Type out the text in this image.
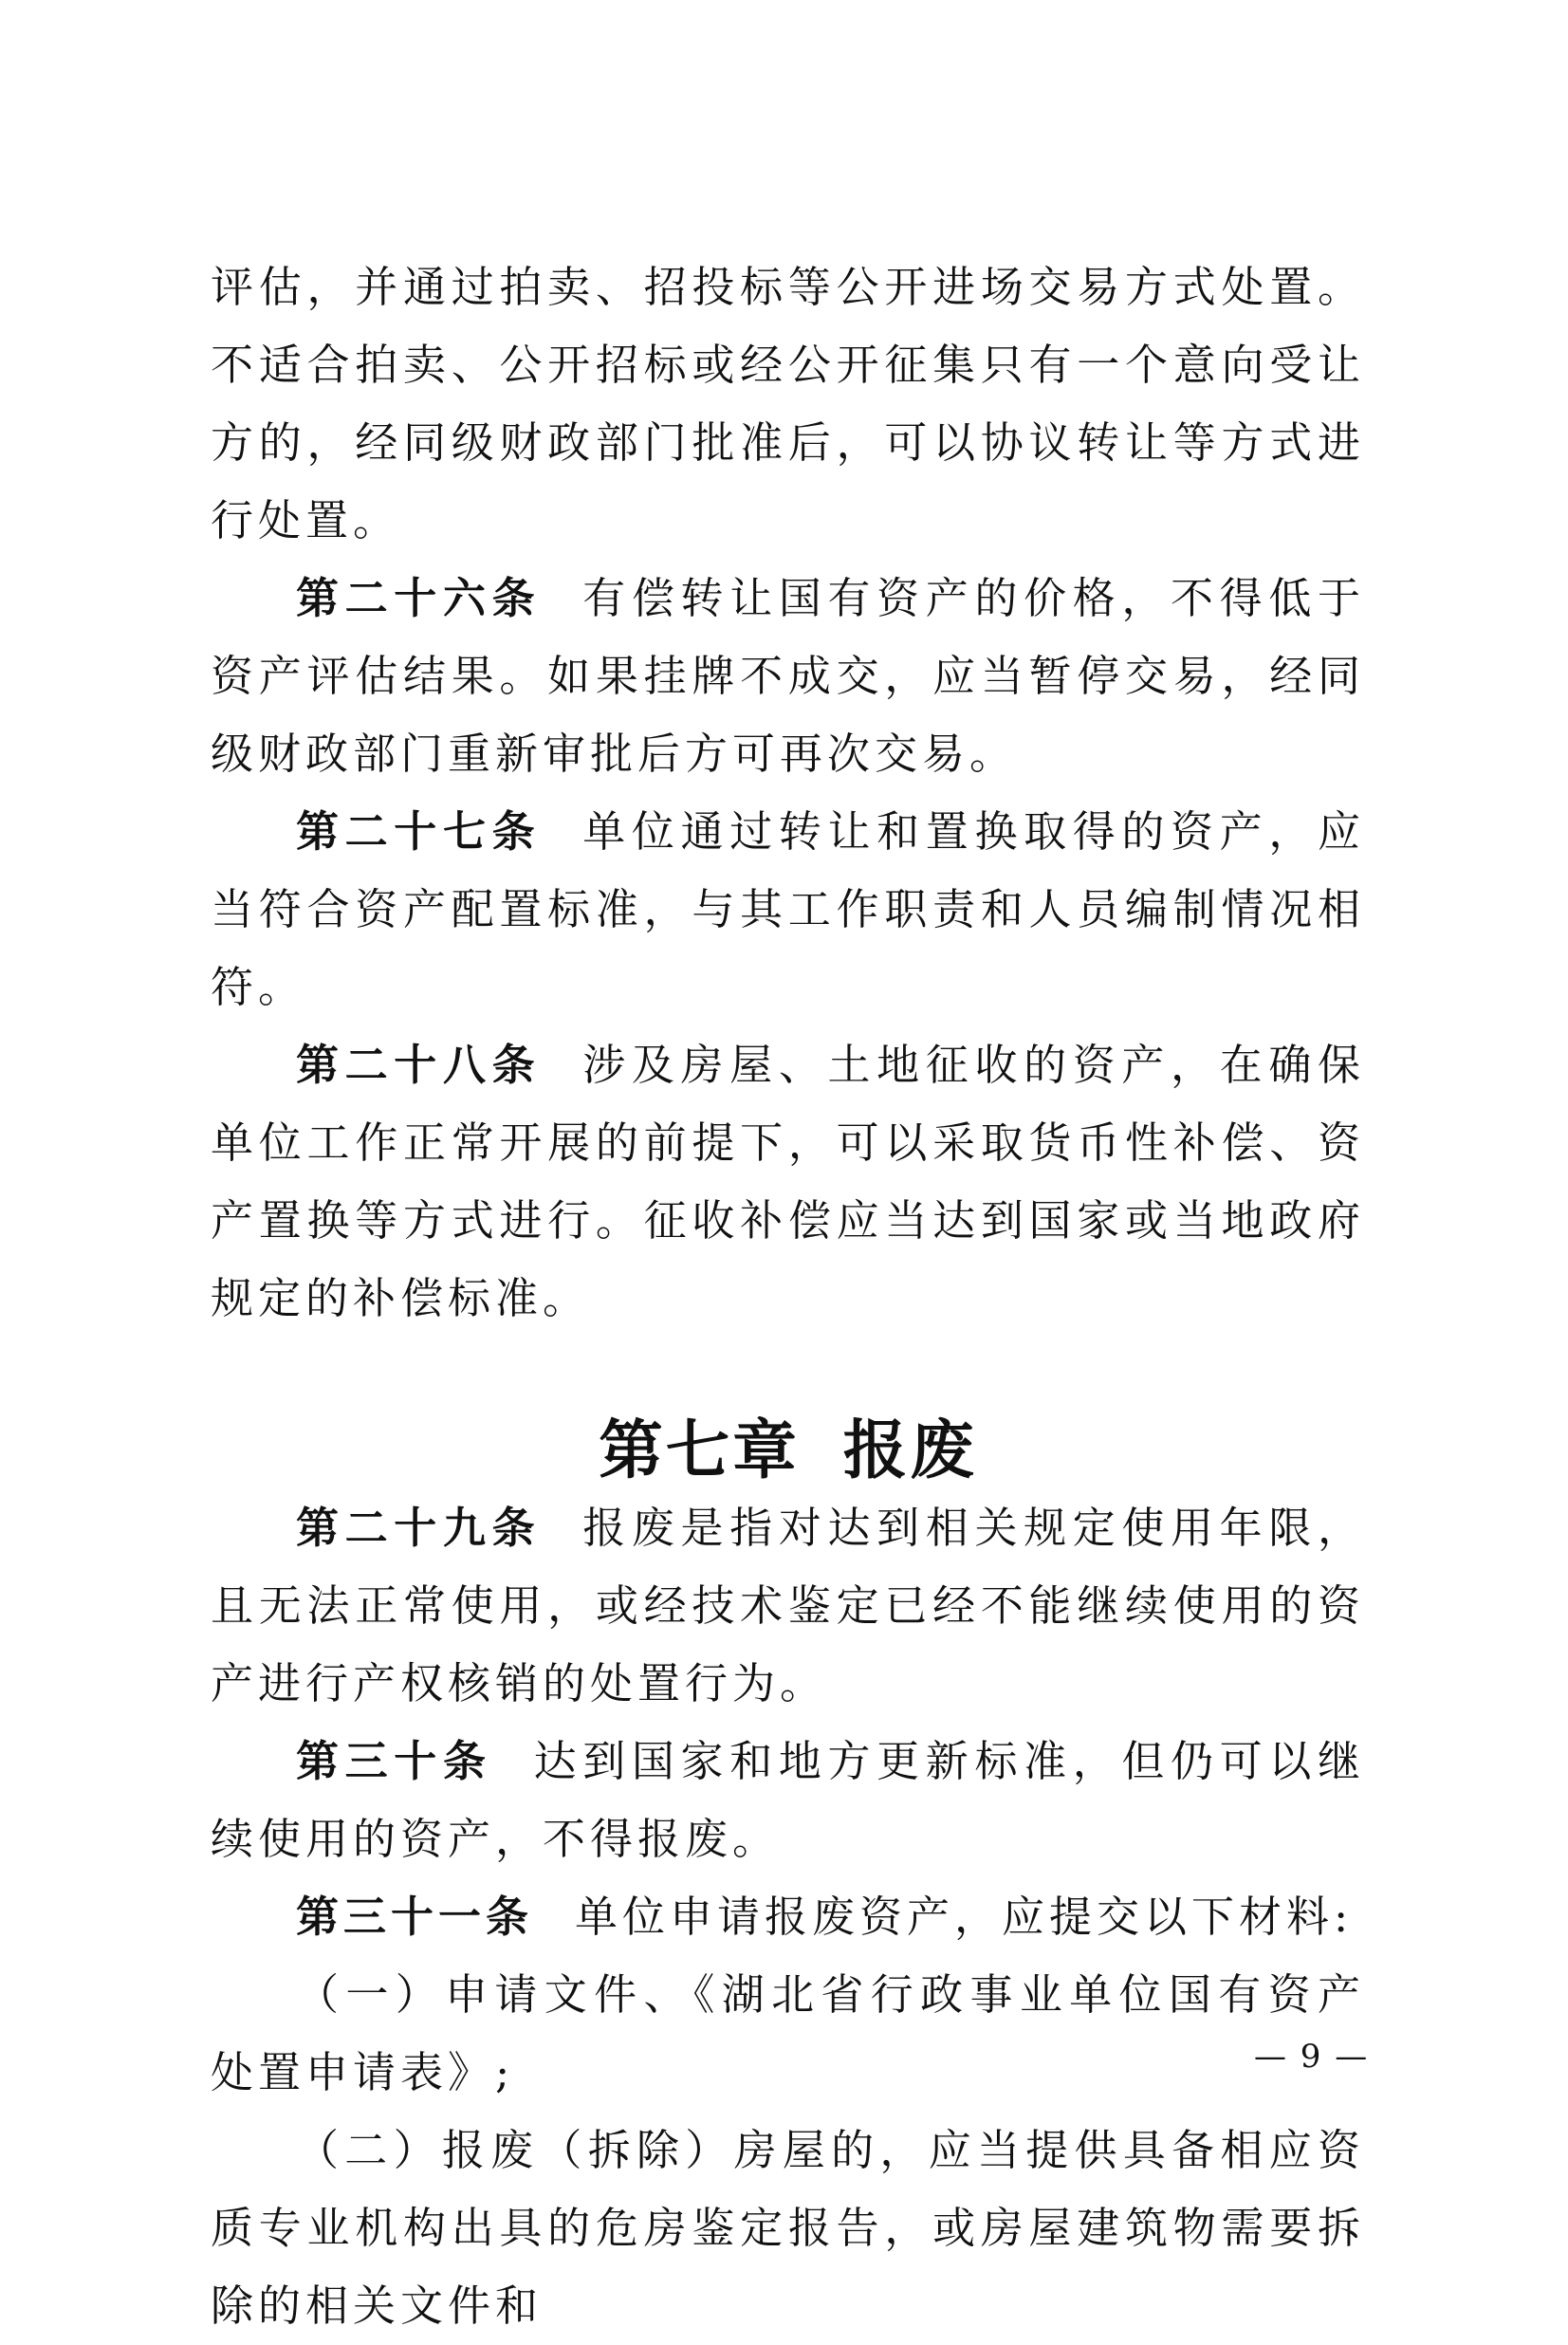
评估，并通过拍卖、招投标等公开进场交易方式处置。不适合拍卖、公开招标或经公开征集只有一个意向受让方的，经同级财政部门批准后，可以协议转让等方式进行处置。

第二十六条 有偿转让国有资产的价格，不得低于资产评估结果。如果挂牌不成交，应当暂停交易，经同级财政部门重新审批后方可再次交易。

第二十七条 单位通过转让和置换取得的资产，应当符合资产配置标准，与其工作职责和人员编制情况相符。

第二十八条 涉及房屋、土地征收的资产，在确保单位工作正常开展的前提下，可以采取货币性补偿、资产置换等方式进行。征收补偿应当达到国家或当地政府规定的补偿标准。

第七章 报废

第二十九条 报废是指对达到相关规定使用年限，且无法正常使用，或经技术鉴定已经不能继续使用的资产进行产权核销的处置行为。

第三十条 达到国家和地方更新标准，但仍可以继续使用的资产，不得报废。

第三十一条 单位申请报废资产，应提交以下材料:

（一）申请文件、《湖北省行政事业单位国有资产处置申请表》;

（二）报废（拆除）房屋的，应当提供具备相应资质专业机构出具的危房鉴定报告，或房屋建筑物需要拆除的相关文件和

— 9 —
